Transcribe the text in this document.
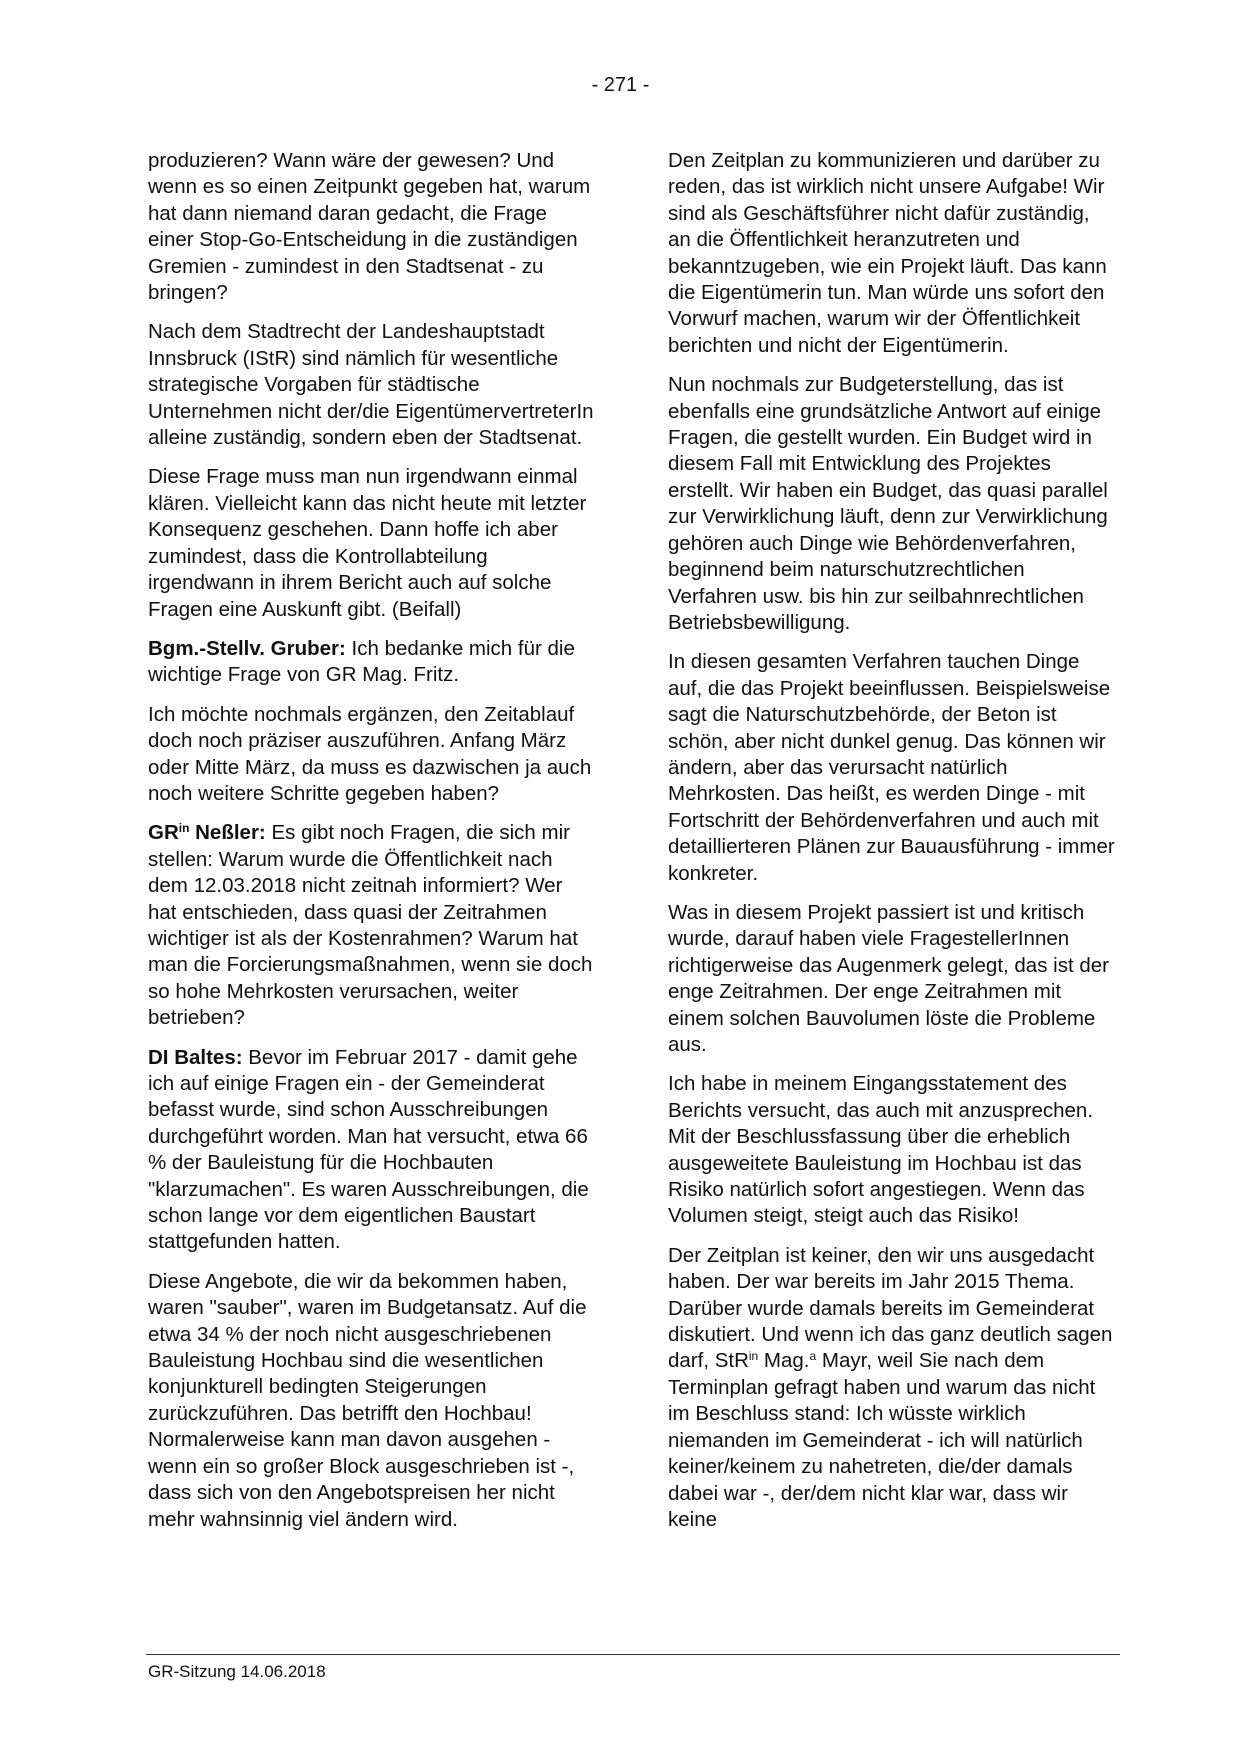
- 271 -

produzieren? Wann wäre der gewesen? Und wenn es so einen Zeitpunkt gegeben hat, warum hat dann niemand daran gedacht, die Frage einer Stop-Go-Entscheidung in die zuständigen Gremien - zumindest in den Stadtsenat - zu bringen?

Nach dem Stadtrecht der Landeshauptstadt Innsbruck (IStR) sind nämlich für wesentliche strategische Vorgaben für städtische Unternehmen nicht der/die EigentümervertreterIn alleine zuständig, sondern eben der Stadtsenat.

Diese Frage muss man nun irgendwann einmal klären. Vielleicht kann das nicht heute mit letzter Konsequenz geschehen. Dann hoffe ich aber zumindest, dass die Kontrollabteilung irgendwann in ihrem Bericht auch auf solche Fragen eine Auskunft gibt. (Beifall)

Bgm.-Stellv. Gruber: Ich bedanke mich für die wichtige Frage von GR Mag. Fritz.

Ich möchte nochmals ergänzen, den Zeitablauf doch noch präziser auszuführen. Anfang März oder Mitte März, da muss es dazwischen ja auch noch weitere Schritte gegeben haben?

$GR^{in}$ Neßler: Es gibt noch Fragen, die sich mir stellen: Warum wurde die Öffentlichkeit nach dem 12.03.2018 nicht zeitnah informiert? Wer hat entschieden, dass quasi der Zeitrahmen wichtiger ist als der Kostenrahmen? Warum hat man die Forcierungsmaßnahmen, wenn sie doch so hohe Mehrkosten verursachen, weiter betrieben?

DI Baltes: Bevor im Februar 2017 - damit gehe ich auf einige Fragen ein - der Gemeinderat befasst wurde, sind schon Ausschreibungen durchgeführt worden. Man hat versucht, etwa 66 % der Bauleistung für die Hochbauten "klarzumachen". Es waren Ausschreibungen, die schon lange vor dem eigentlichen Baustart stattgefunden hatten.

Diese Angebote, die wir da bekommen haben, waren "sauber", waren im Budgetansatz. Auf die etwa 34 % der noch nicht ausgeschriebenen Bauleistung Hochbau sind die wesentlichen konjunkturell bedingten Steigerungen zurückzuführen. Das betrifft den Hochbau! Normalerweise kann man davon ausgehen - wenn ein so großer Block ausgeschrieben ist -, dass sich von den Angebotspreisen her nicht mehr wahnsinnig viel ändern wird.

Den Zeitplan zu kommunizieren und darüber zu reden, das ist wirklich nicht unsere Aufgabe! Wir sind als Geschäftsführer nicht dafür zuständig, an die Öffentlichkeit heranzutreten und bekanntzugeben, wie ein Projekt läuft. Das kann die Eigentümerin tun. Man würde uns sofort den Vorwurf machen, warum wir der Öffentlichkeit berichten und nicht der Eigentümerin.

Nun nochmals zur Budgeterstellung, das ist ebenfalls eine grundsätzliche Antwort auf einige Fragen, die gestellt wurden. Ein Budget wird in diesem Fall mit Entwicklung des Projektes erstellt. Wir haben ein Budget, das quasi parallel zur Verwirklichung läuft, denn zur Verwirklichung gehören auch Dinge wie Behördenverfahren, beginnend beim naturschutzrechtlichen Verfahren usw. bis hin zur seilbahnrechtlichen Betriebsbewilligung.

In diesen gesamten Verfahren tauchen Dinge auf, die das Projekt beeinflussen. Beispielsweise sagt die Naturschutzbehörde, der Beton ist schön, aber nicht dunkel genug. Das können wir ändern, aber das verursacht natürlich Mehrkosten. Das heißt, es werden Dinge - mit Fortschritt der Behördenverfahren und auch mit detaillierteren Plänen zur Bauausführung - immer konkreter.

Was in diesem Projekt passiert ist und kritisch wurde, darauf haben viele FragestellerInnen richtigerweise das Augenmerk gelegt, das ist der enge Zeitrahmen. Der enge Zeitrahmen mit einem solchen Bauvolumen löste die Probleme aus.

Ich habe in meinem Eingangsstatement des Berichts versucht, das auch mit anzusprechen. Mit der Beschlussfassung über die erheblich ausgeweitete Bauleistung im Hochbau ist das Risiko natürlich sofort angestiegen. Wenn das Volumen steigt, steigt auch das Risiko!

Der Zeitplan ist keiner, den wir uns ausgedacht haben. Der war bereits im Jahr 2015 Thema. Darüber wurde damals bereits im Gemeinderat diskutiert. Und wenn ich das ganz deutlich sagen darf, StR$^{in}$ Mag.$^a$ Mayr, weil Sie nach dem Terminplan gefragt haben und warum das nicht im Beschluss stand: Ich wüsste wirklich niemanden im Gemeinderat - ich will natürlich keiner/keinem zu nahetreten, die/der damals dabei war -, der/dem nicht klar war, dass wir keine

GR-Sitzung 14.06.2018
